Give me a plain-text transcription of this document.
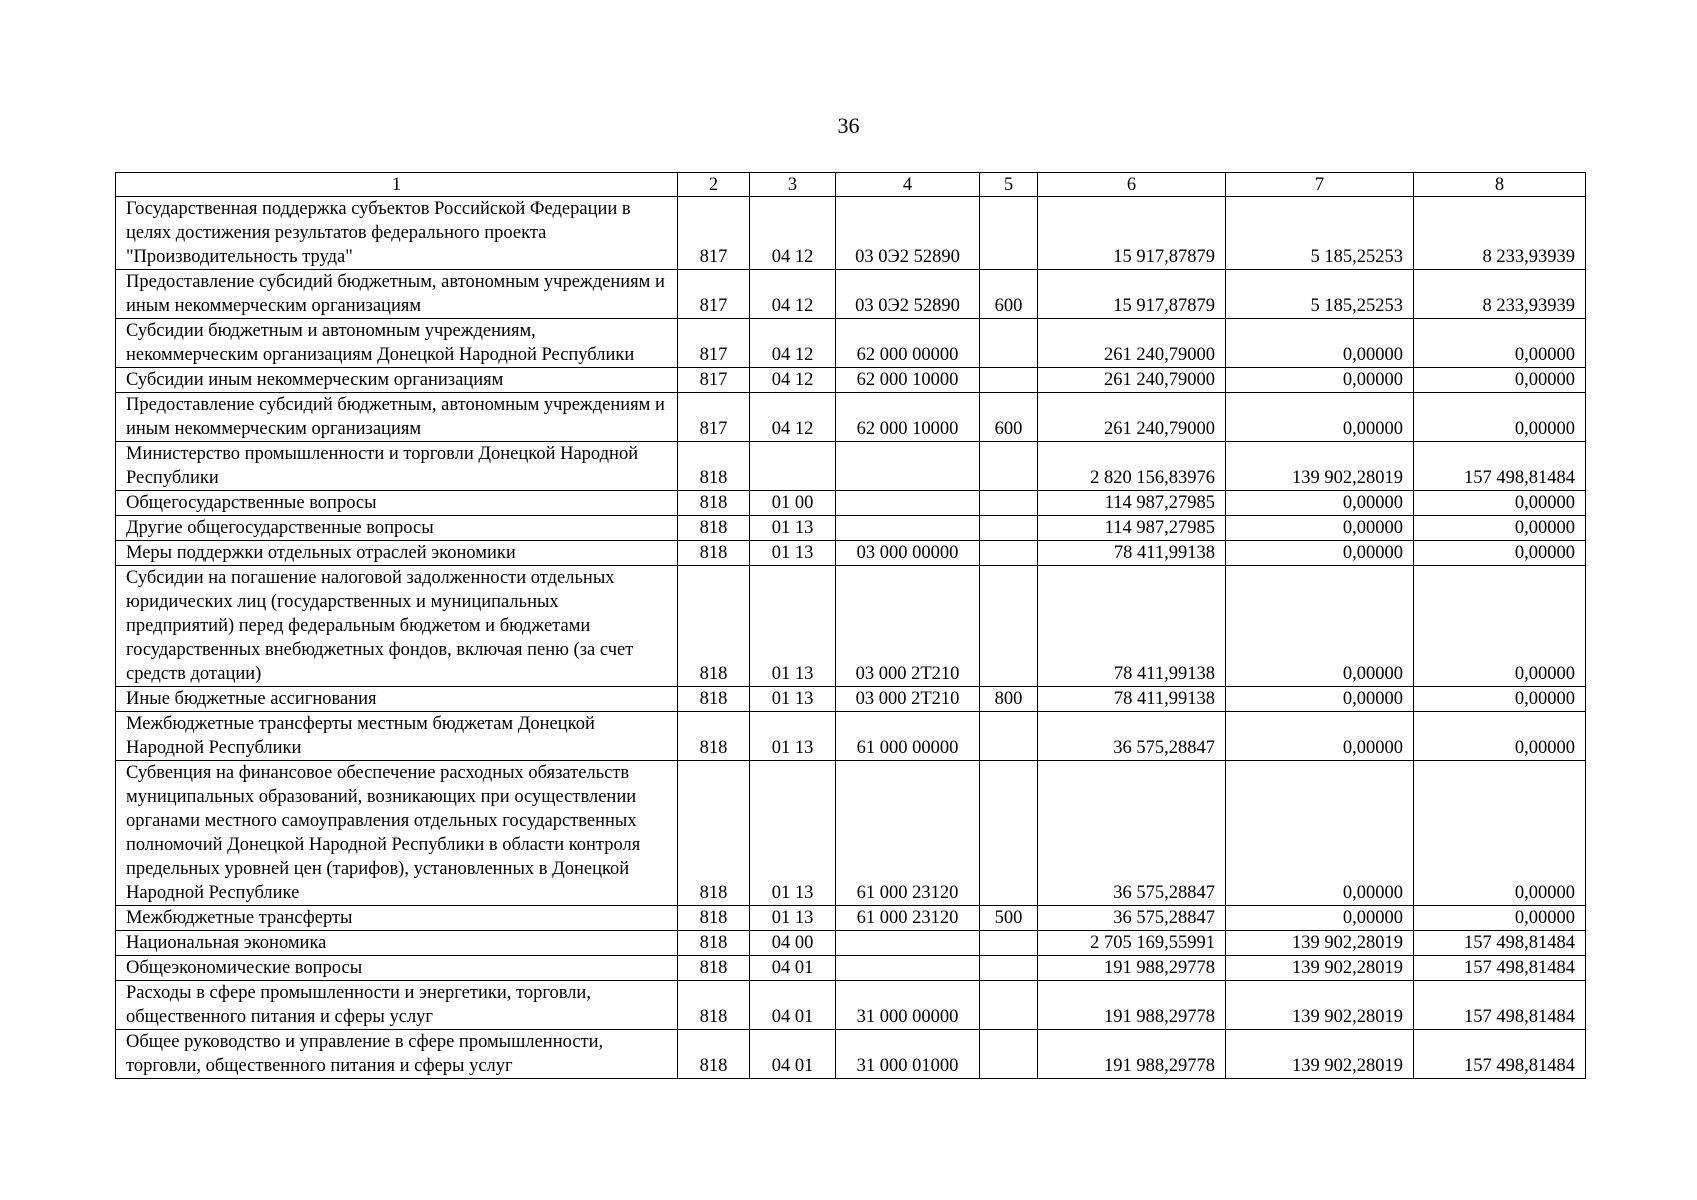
36
1	2	3	4	5	6	7	8
Государственная поддержка субъектов Российской Федерации в целях достижения результатов федерального проекта "Производительность труда"	817	04 12	03 0Э2 52890		15 917,87879	5 185,25253	8 233,93939
Предоставление субсидий бюджетным, автономным учреждениям и иным некоммерческим организациям	817	04 12	03 0Э2 52890	600	15 917,87879	5 185,25253	8 233,93939
Субсидии бюджетным и автономным учреждениям, некоммерческим организациям Донецкой Народной Республики	817	04 12	62 000 00000		261 240,79000	0,00000	0,00000
Субсидии иным некоммерческим организациям	817	04 12	62 000 10000		261 240,79000	0,00000	0,00000
Предоставление субсидий бюджетным, автономным учреждениям и иным некоммерческим организациям	817	04 12	62 000 10000	600	261 240,79000	0,00000	0,00000
Министерство промышленности и торговли Донецкой Народной Республики	818				2 820 156,83976	139 902,28019	157 498,81484
Общегосударственные вопросы	818	01 00			114 987,27985	0,00000	0,00000
Другие общегосударственные вопросы	818	01 13			114 987,27985	0,00000	0,00000
Меры поддержки отдельных отраслей экономики	818	01 13	03 000 00000		78 411,99138	0,00000	0,00000
Субсидии на погашение налоговой задолженности отдельных юридических лиц (государственных и муниципальных предприятий) перед федеральным бюджетом и бюджетами государственных внебюджетных фондов, включая пеню (за счет средств дотации)	818	01 13	03 000 2Т210		78 411,99138	0,00000	0,00000
Иные бюджетные ассигнования	818	01 13	03 000 2Т210	800	78 411,99138	0,00000	0,00000
Межбюджетные трансферты местным бюджетам Донецкой Народной Республики	818	01 13	61 000 00000		36 575,28847	0,00000	0,00000
Субвенция на финансовое обеспечение расходных обязательств муниципальных образований, возникающих при осуществлении органами местного самоуправления отдельных государственных полномочий Донецкой Народной Республики в области контроля предельных уровней цен (тарифов), установленных в Донецкой Народной Республике	818	01 13	61 000 23120		36 575,28847	0,00000	0,00000
Межбюджетные трансферты	818	01 13	61 000 23120	500	36 575,28847	0,00000	0,00000
Национальная экономика	818	04 00			2 705 169,55991	139 902,28019	157 498,81484
Общеэкономические вопросы	818	04 01			191 988,29778	139 902,28019	157 498,81484
Расходы в сфере промышленности и энергетики, торговли, общественного питания и сферы услуг	818	04 01	31 000 00000		191 988,29778	139 902,28019	157 498,81484
Общее руководство и управление в сфере промышленности, торговли, общественного питания и сферы услуг	818	04 01	31 000 01000		191 988,29778	139 902,28019	157 498,81484
